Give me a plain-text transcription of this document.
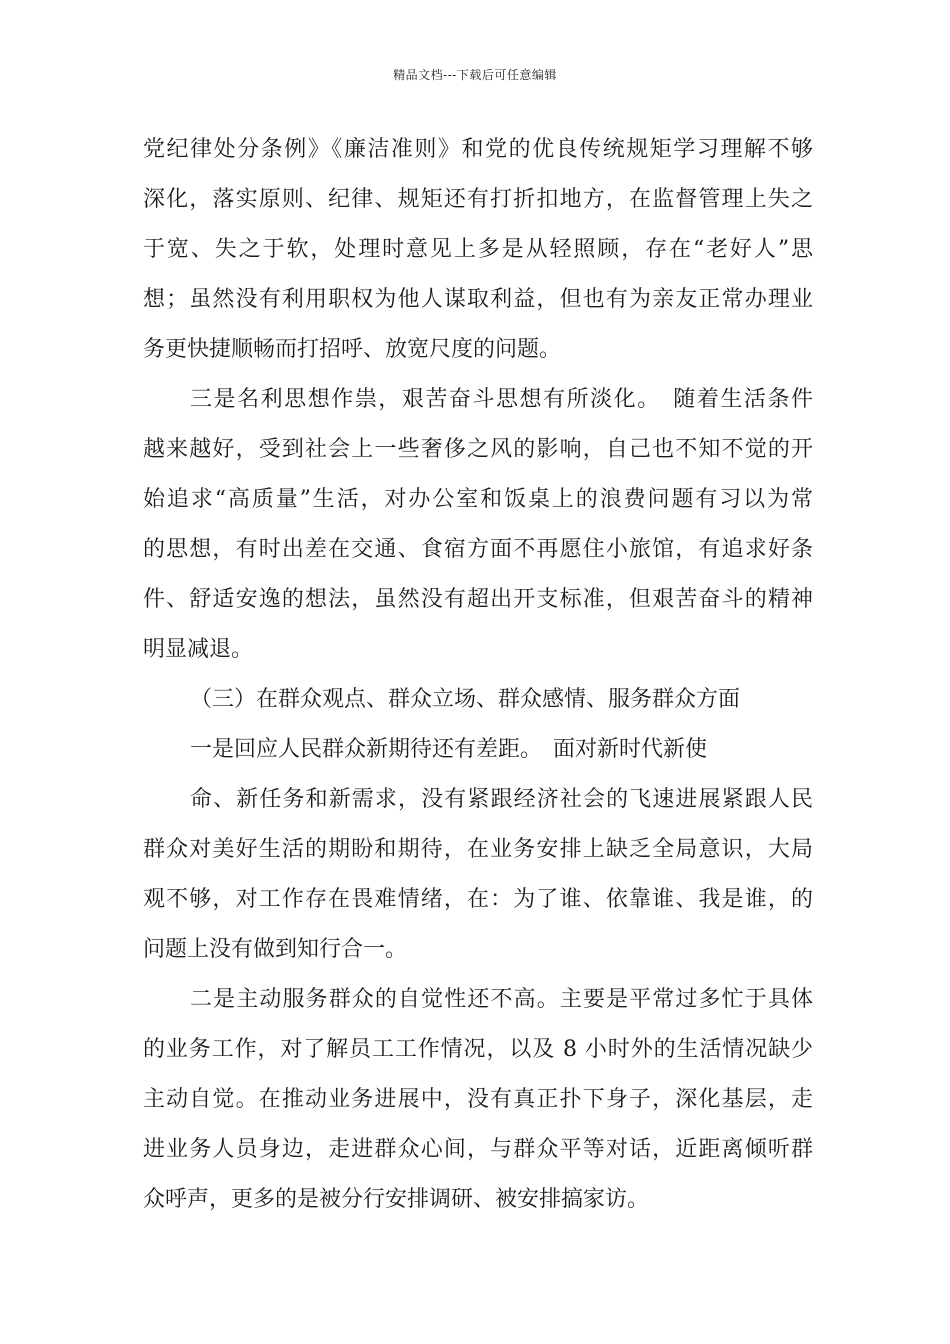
精品文档---下载后可任意编辑
党纪律处分条例》《廉洁准则》和党的优良传统规矩学习理解不够
深化，落实原则、纪律、规矩还有打折扣地方，在监督管理上失之
于宽、失之于软，处理时意见上多是从轻照顾，存在“老好人”思
想；虽然没有利用职权为他人谋取利益，但也有为亲友正常办理业
务更快捷顺畅而打招呼、放宽尺度的问题。
三是名利思想作祟，艰苦奋斗思想有所淡化。　随着生活条件
越来越好，受到社会上一些奢侈之风的影响，自己也不知不觉的开
始追求“高质量”生活，对办公室和饭桌上的浪费问题有习以为常
的思想，有时出差在交通、食宿方面不再愿住小旅馆，有追求好条
件、舒适安逸的想法，虽然没有超出开支标准，但艰苦奋斗的精神
明显减退。
（三）在群众观点、群众立场、群众感情、服务群众方面
一是回应人民群众新期待还有差距。　面对新时代新使
命、新任务和新需求，没有紧跟经济社会的飞速进展紧跟人民
群众对美好生活的期盼和期待，在业务安排上缺乏全局意识，大局
观不够，对工作存在畏难情绪，在：为了谁、依靠谁、我是谁，的
问题上没有做到知行合一。
二是主动服务群众的自觉性还不高。主要是平常过多忙于具体
的业务工作，对了解员工工作情况，以及 8 小时外的生活情况缺少
主动自觉。在推动业务进展中，没有真正扑下身子，深化基层，走
进业务人员身边，走进群众心间，与群众平等对话，近距离倾听群
众呼声，更多的是被分行安排调研、被安排搞家访。
